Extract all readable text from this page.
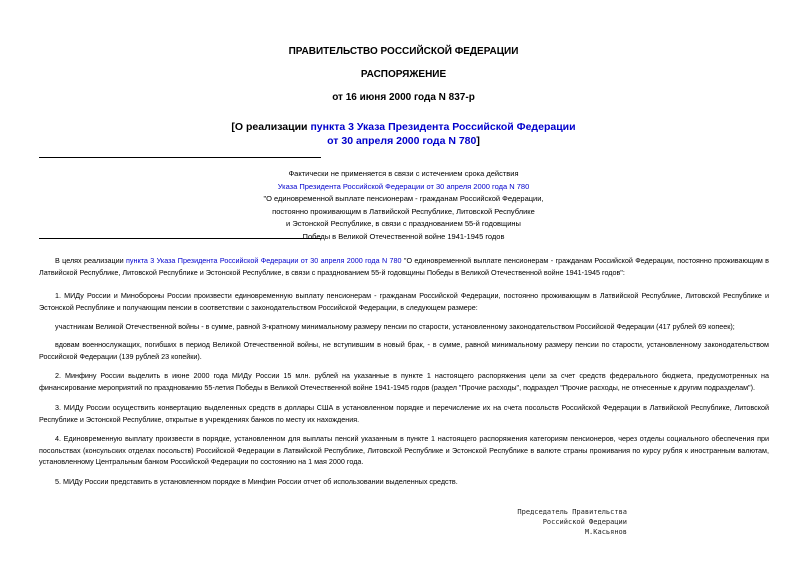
ПРАВИТЕЛЬСТВО РОССИЙСКОЙ ФЕДЕРАЦИИ
РАСПОРЯЖЕНИЕ
от 16 июня 2000 года N 837-р
[О реализации пункта 3 Указа Президента Российской Федерации
от 30 апреля 2000 года N 780]
Фактически не применяется в связи с истечением срока действия
Указа Президента Российской Федерации от 30 апреля 2000 года N 780
"О единовременной выплате пенсионерам - гражданам Российской Федерации,
постоянно проживающим в Латвийской Республике, Литовской Республике
и Эстонской Республике, в связи с празднованием 55-й годовщины
Победы в Великой Отечественной войне 1941-1945 годов

В целях реализации пункта 3 Указа Президента Российской Федерации от 30 апреля 2000 года N 780 "О единовременной выплате пенсионерам - гражданам Российской Федерации, постоянно проживающим в Латвийской Республике, Литовской Республике и Эстонской Республике, в связи с празднованием 55-й годовщины Победы в Великой Отечественной войне 1941-1945 годов":

1. МИДу России и Минобороны России произвести единовременную выплату пенсионерам - гражданам Российской Федерации, постоянно проживающим в Латвийской Республике, Литовской Республике и Эстонской Республике и получающим пенсии в соответствии с законодательством Российской Федерации, в следующем размере:

участникам Великой Отечественной войны - в сумме, равной 3-кратному минимальному размеру пенсии по старости, установленному законодательством Российской Федерации (417 рублей 69 копеек);

вдовам военнослужащих, погибших в период Великой Отечественной войны, не вступившим в новый брак, - в сумме, равной минимальному размеру пенсии по старости, установленному законодательством Российской Федерации (139 рублей 23 копейки).

2. Минфину России выделить в июне 2000 года МИДу России 15 млн. рублей на указанные в пункте 1 настоящего распоряжения цели за счет средств федерального бюджета, предусмотренных на финансирование мероприятий по празднованию 55-летия Победы в Великой Отечественной войне 1941-1945 годов (раздел "Прочие расходы", подраздел "Прочие расходы, не отнесенные к другим подразделам").

3. МИДу России осуществить конвертацию выделенных средств в доллары США в установленном порядке и перечисление их на счета посольств Российской Федерации в Латвийской Республике, Литовской Республике и Эстонской Республике, открытые в учреждениях банков по месту их нахождения.

4. Единовременную выплату произвести в порядке, установленном для выплаты пенсий указанным в пункте 1 настоящего распоряжения категориям пенсионеров, через отделы социального обеспечения при посольствах (консульских отделах посольств) Российской Федерации в Латвийской Республике, Литовской Республике и Эстонской Республике в валюте страны проживания по курсу рубля к иностранным валютам, установленному Центральным банком Российской Федерации по состоянию на 1 мая 2000 года.

5. МИДу России представить в установленном порядке в Минфин России отчет об использовании выделенных средств.

Председатель Правительства
Российской Федерации
М.Касьянов
